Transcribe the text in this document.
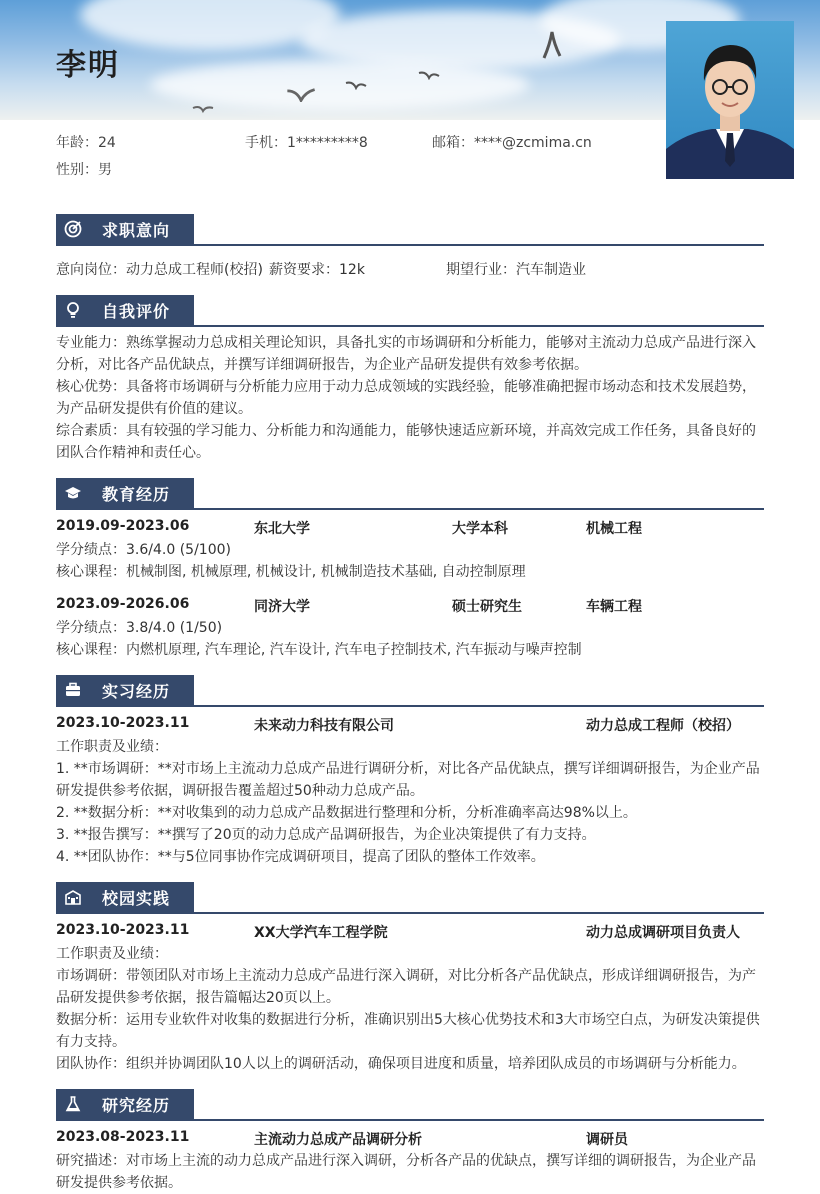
李明
年龄：24	手机：1*********8	邮箱：****@zcmima.cn
性别：男
求职意向
意向岗位：动力总成工程师(校招) 薪资要求：12k	期望行业：汽车制造业
自我评价

专业能力：熟练掌握动力总成相关理论知识，具备扎实的市场调研和分析能力，能够对主流动力总成产品进行深入分析，对比各产品优缺点，并撰写详细调研报告，为企业产品研发提供有效参考依据。

核心优势：具备将市场调研与分析能力应用于动力总成领域的实践经验，能够准确把握市场动态和技术发展趋势，为产品研发提供有价值的建议。

综合素质：具有较强的学习能力、分析能力和沟通能力，能够快速适应新环境，并高效完成工作任务，具备良好的团队合作精神和责任心。

教育经历
2019.09-2023.06	东北大学	大学本科	机械工程

学分绩点：3.6/4.0 (5/100)

核心课程：机械制图, 机械原理, 机械设计, 机械制造技术基础, 自动控制原理

2023.09-2026.06	同济大学	硕士研究生	车辆工程

学分绩点：3.8/4.0 (1/50)

核心课程：内燃机原理, 汽车理论, 汽车设计, 汽车电子控制技术, 汽车振动与噪声控制

实习经历
2023.10-2023.11	未来动力科技有限公司	动力总成工程师（校招）

工作职责及业绩：

1. **市场调研：**对市场上主流动力总成产品进行调研分析，对比各产品优缺点，撰写详细调研报告，为企业产品研发提供参考依据，调研报告覆盖超过50种动力总成产品。

2. **数据分析：**对收集到的动力总成产品数据进行整理和分析，分析准确率高达98%以上。

3. **报告撰写：**撰写了20页的动力总成产品调研报告，为企业决策提供了有力支持。

4. **团队协作：**与5位同事协作完成调研项目，提高了团队的整体工作效率。

校园实践
2023.10-2023.11	XX大学汽车工程学院	动力总成调研项目负责人

工作职责及业绩：

市场调研：带领团队对市场上主流动力总成产品进行深入调研，对比分析各产品优缺点，形成详细调研报告，为产品研发提供参考依据，报告篇幅达20页以上。

数据分析：运用专业软件对收集的数据进行分析，准确识别出5大核心优势技术和3大市场空白点，为研发决策提供有力支持。

团队协作：组织并协调团队10人以上的调研活动，确保项目进度和质量，培养团队成员的市场调研与分析能力。

研究经历
2023.08-2023.11	主流动力总成产品调研分析	调研员

研究描述：对市场上主流的动力总成产品进行深入调研，分析各产品的优缺点，撰写详细的调研报告，为企业产品研发提供参考依据。
